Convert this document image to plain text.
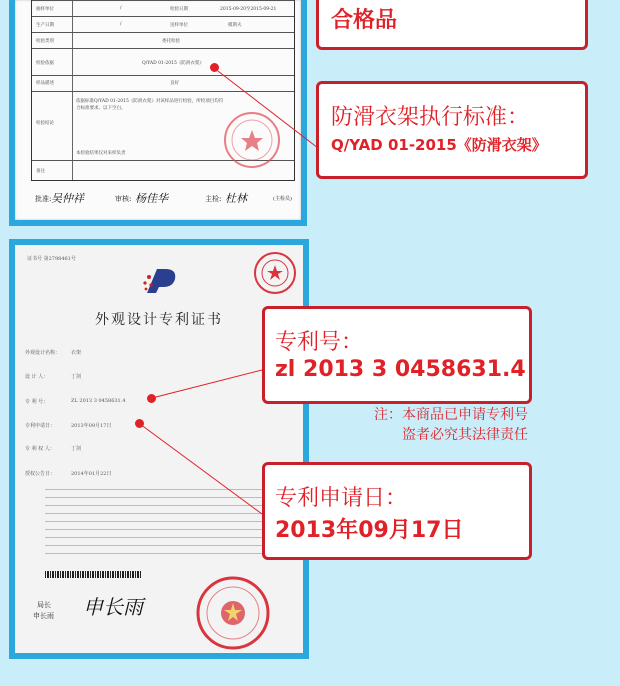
抽样单位	/	检验日期	2015-09-20至2015-09-21
生产日期	/	送样单位	模斯夫
检验类别	委托检验
检验依据	Q/YAD 01-2015《防滑衣架》
样品描述	良好
检验结论
依据标准Q/YAD 01-2015《防滑衣架》对该样品进行检验，所检项目均符合标准要求。以下空白。
本检验结果仅对来样负责
备注
批准: 吴仲祥	审核: 杨佳华	主检: 杜林	(主检员)
证书号 第2798461号
外观设计专利证书
外观设计名称： 衣架
设 计 人：	丁剑
专 利 号：	ZL 2013 3 0458631.4
专利申请日：	2013年09月17日
专 利 权 人：	丁剑
授权公告日：	2014年01月22日
局长
申长雨 申长雨
合格品
防滑衣架执行标准：
Q/YAD 01-2015《防滑衣架》
专利号：
zl 2013 3 0458631.4
注：本商品已申请专利号
盗者必究其法律责任
专利申请日：
2013年09月17日
